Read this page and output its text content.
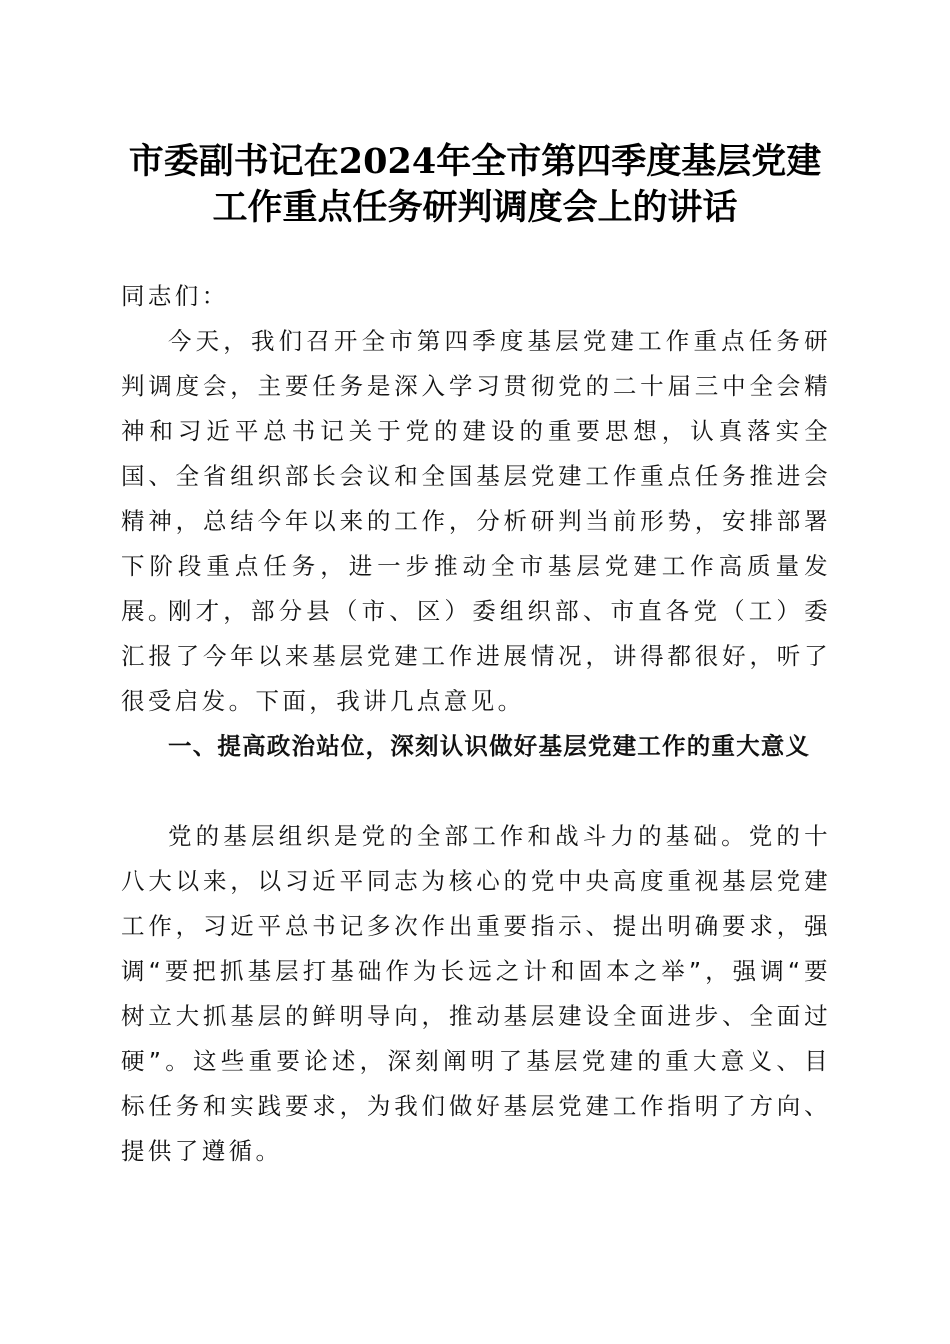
市委副书记在2024年全市第四季度基层党建
工作重点任务研判调度会上的讲话

同志们：

今天，我们召开全市第四季度基层党建工作重点任务研判调度会，主要任务是深入学习贯彻党的二十届三中全会精神和习近平总书记关于党的建设的重要思想，认真落实全国、全省组织部长会议和全国基层党建工作重点任务推进会精神，总结今年以来的工作，分析研判当前形势，安排部署下阶段重点任务，进一步推动全市基层党建工作高质量发展。

刚才，部分县（市、区）委组织部、市直各党（工）委汇报了今年以来基层党建工作进展情况，讲得都很好，听了很受启发。下面，我讲几点意见。

一、提高政治站位，深刻认识做好基层党建工作的重大意义

党的基层组织是党的全部工作和战斗力的基础。党的十八大以来，以习近平同志为核心的党中央高度重视基层党建工作，习近平总书记多次作出重要指示、提出明确要求，强调“要把抓基层打基础作为长远之计和固本之举”，强调“要树立大抓基层的鲜明导向，推动基层建设全面进步、全面过硬”。这些重要论述，深刻阐明了基层党建的重大意义、目标任务和实践要求，为我们做好基层党建工作指明了方向、提供了遵循。
